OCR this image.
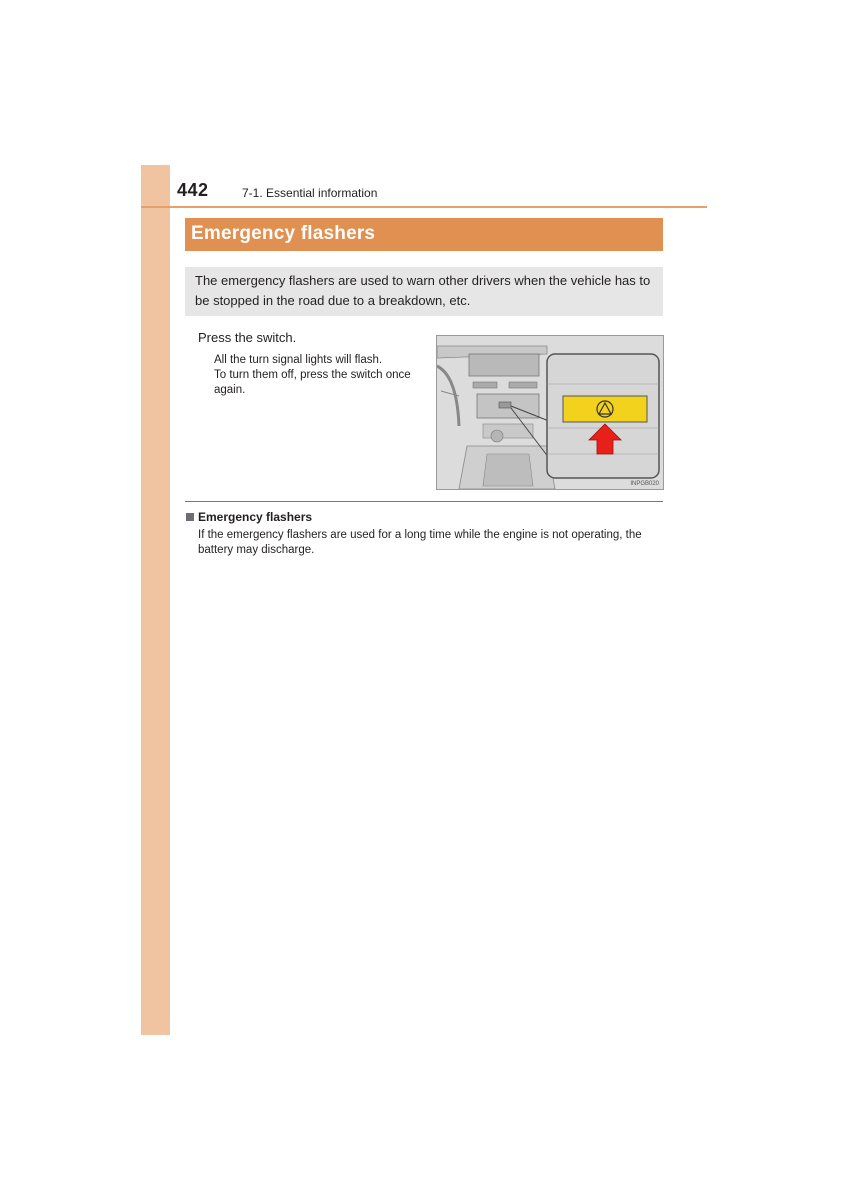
442	7-1. Essential information
Emergency flashers
The emergency flashers are used to warn other drivers when the vehicle has to be stopped in the road due to a breakdown, etc.
Press the switch.

All the turn signal lights will flash.

To turn them off, press the switch once again.

INPGB020
Emergency flashers
If the emergency flashers are used for a long time while the engine is not operating, the battery may discharge.
